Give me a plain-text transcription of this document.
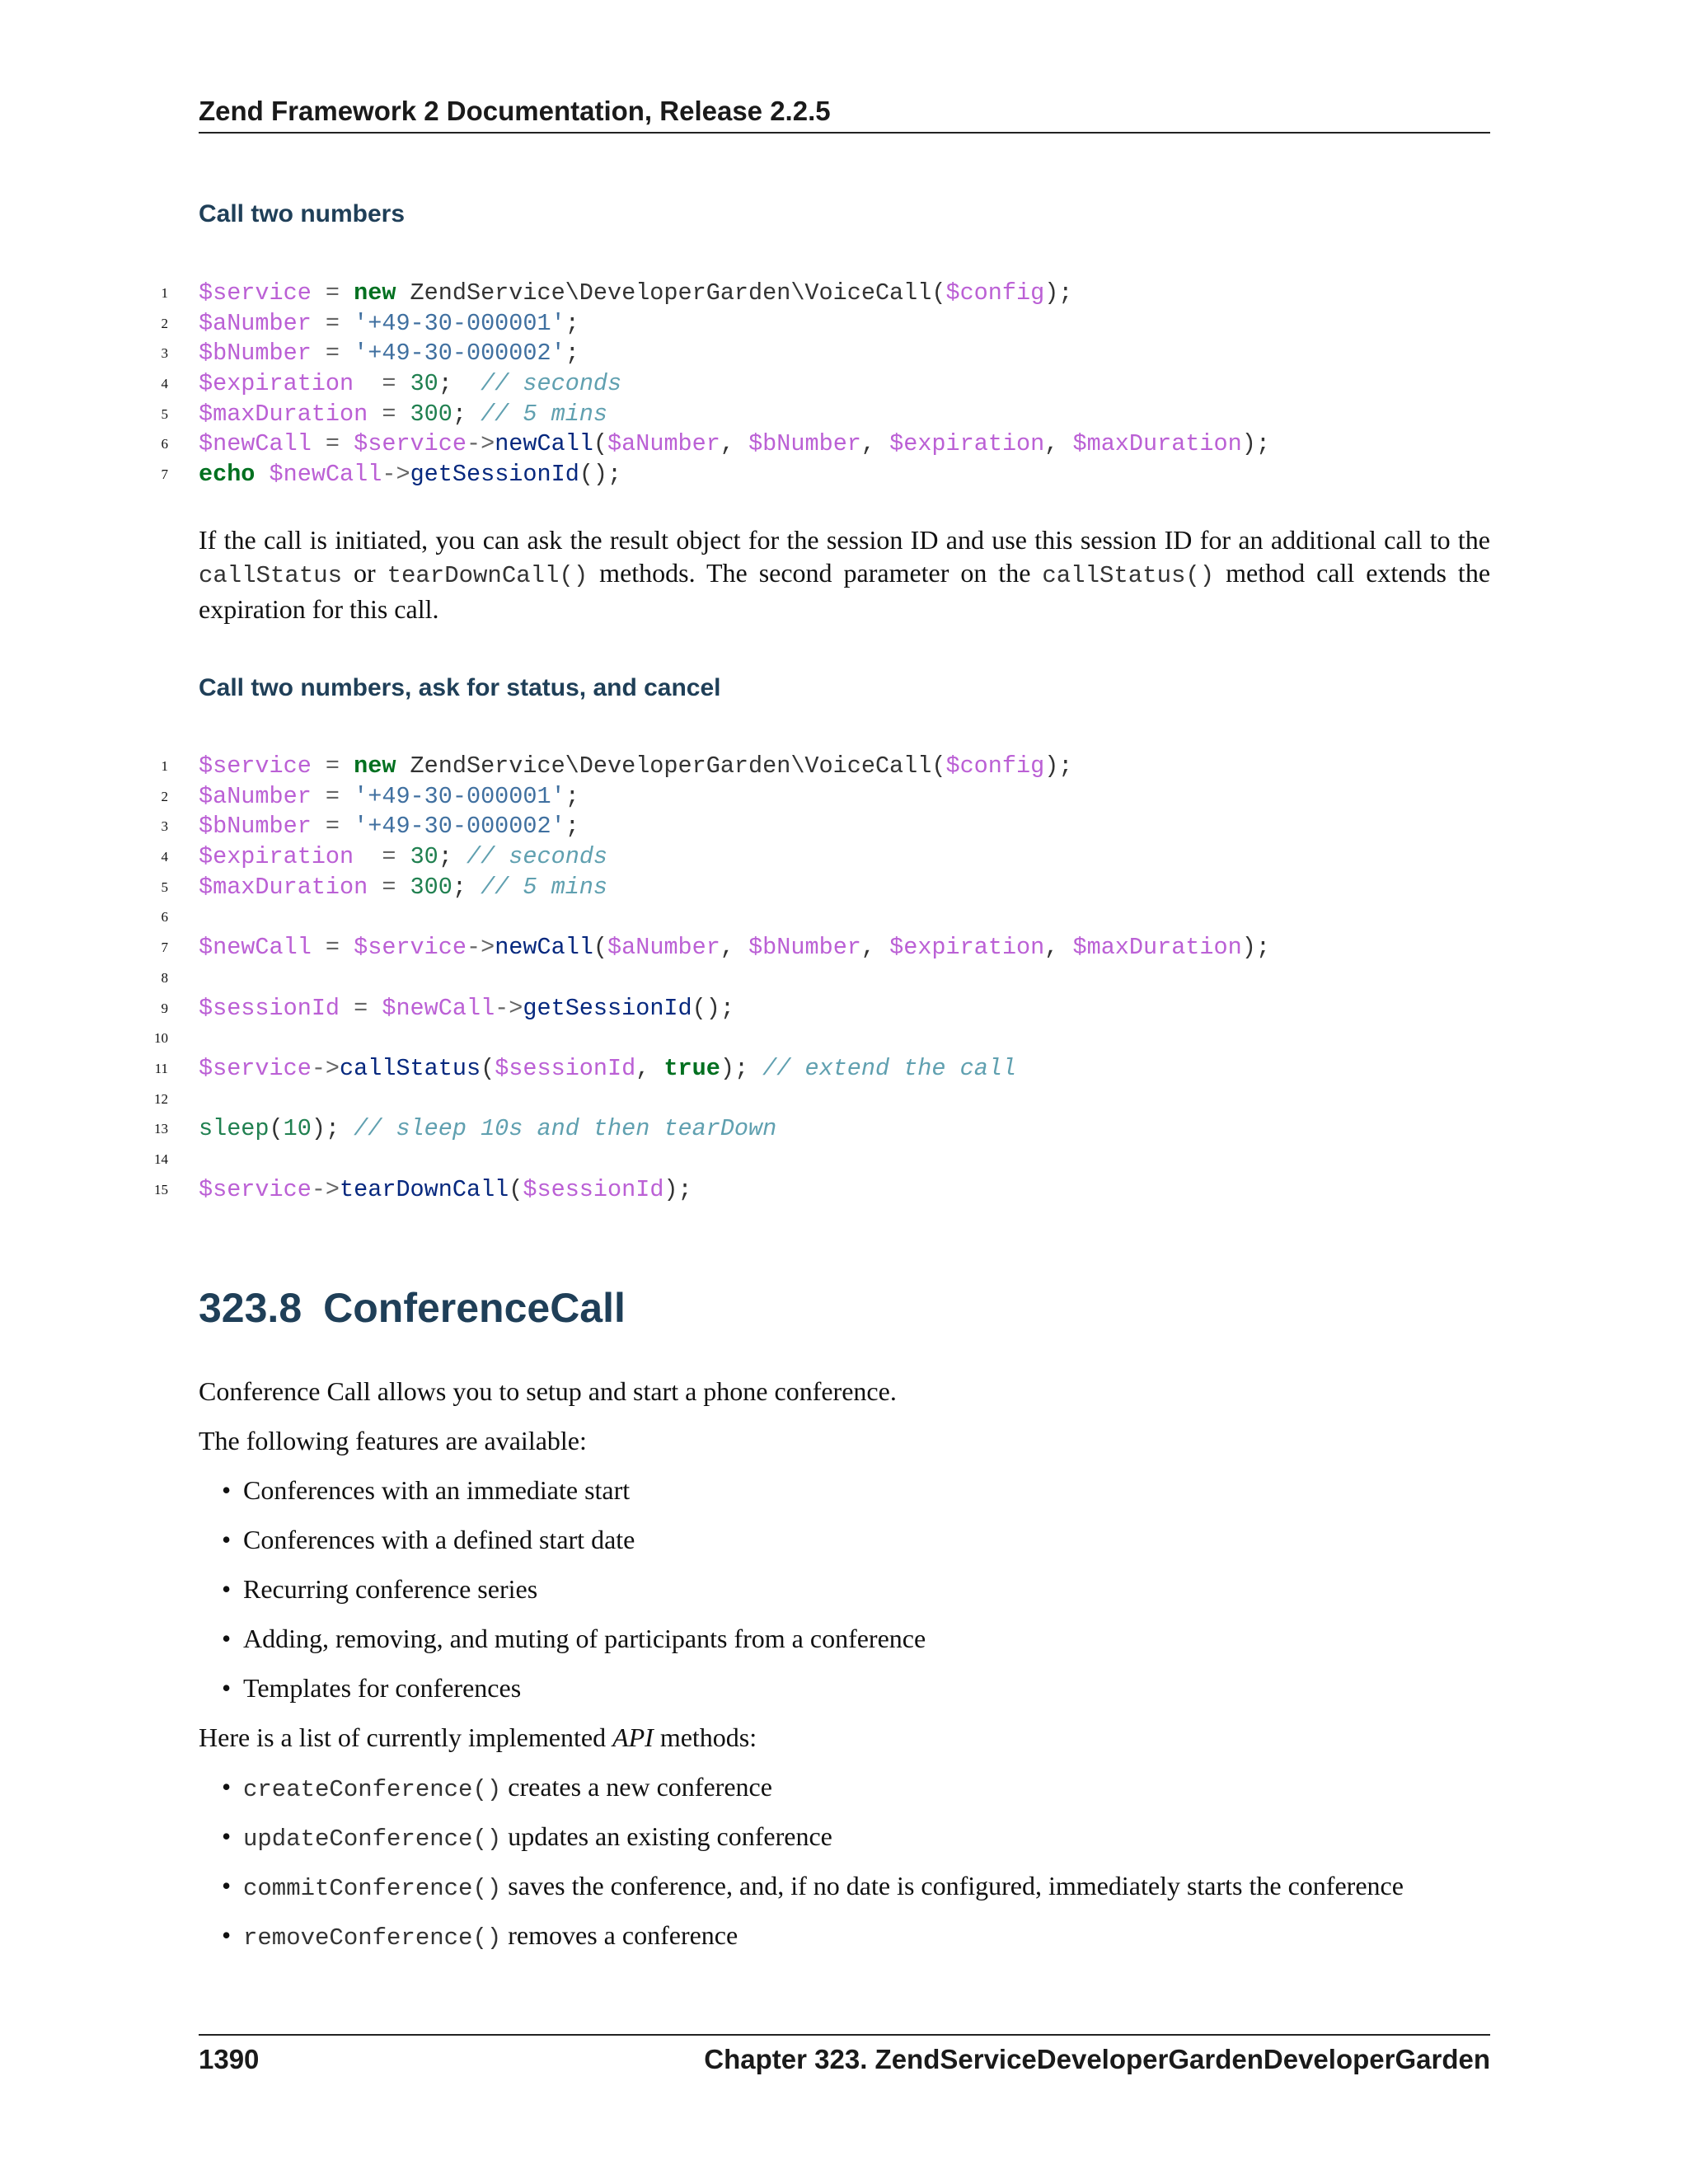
Zend Framework 2 Documentation, Release 2.2.5
Call two numbers
1 $service = new ZendService\DeveloperGarden\VoiceCall($config);
2 $aNumber = '+49-30-000001';
3 $bNumber = '+49-30-000002';
4 $expiration  = 30;  // seconds
5 $maxDuration = 300; // 5 mins
6 $newCall = $service->newCall($aNumber, $bNumber, $expiration, $maxDuration);
7 echo $newCall->getSessionId();
If the call is initiated, you can ask the result object for the session ID and use this session ID for an additional call to the callStatus or tearDownCall() methods. The second parameter on the callStatus() method call extends the expiration for this call.
Call two numbers, ask for status, and cancel
1 $service = new ZendService\DeveloperGarden\VoiceCall($config);
2 $aNumber = '+49-30-000001';
3 $bNumber = '+49-30-000002';
4 $expiration  = 30; // seconds
5 $maxDuration = 300; // 5 mins
6
7 $newCall = $service->newCall($aNumber, $bNumber, $expiration, $maxDuration);
8
9 $sessionId = $newCall->getSessionId();
10
11 $service->callStatus($sessionId, true); // extend the call
12
13 sleep(10); // sleep 10s and then tearDown
14
15 $service->tearDownCall($sessionId);
323.8 ConferenceCall
Conference Call allows you to setup and start a phone conference.
The following features are available:
• Conferences with an immediate start
• Conferences with a defined start date
• Recurring conference series
• Adding, removing, and muting of participants from a conference
• Templates for conferences
Here is a list of currently implemented API methods:
• createConference() creates a new conference
• updateConference() updates an existing conference
• commitConference() saves the conference, and, if no date is configured, immediately starts the conference
• removeConference() removes a conference
1390	Chapter 323. ZendServiceDeveloperGardenDeveloperGarden
